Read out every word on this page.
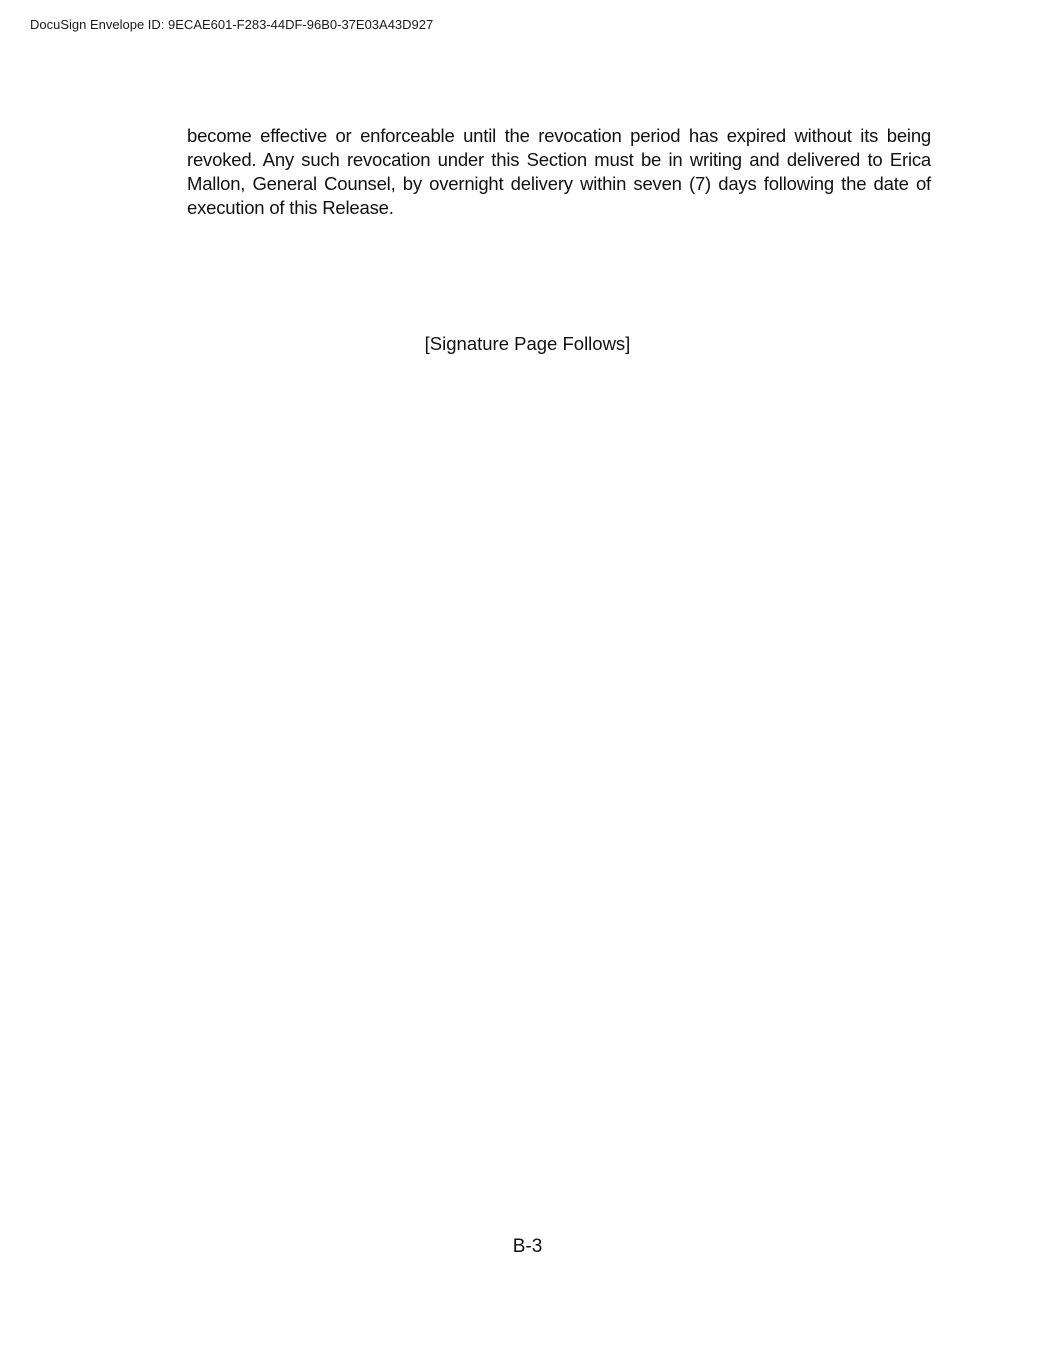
DocuSign Envelope ID: 9ECAE601-F283-44DF-96B0-37E03A43D927

become effective or enforceable until the revocation period has expired without its being revoked. Any such revocation under this Section must be in writing and delivered to Erica Mallon, General Counsel, by overnight delivery within seven (7) days following the date of execution of this Release.

[Signature Page Follows]
B-3
